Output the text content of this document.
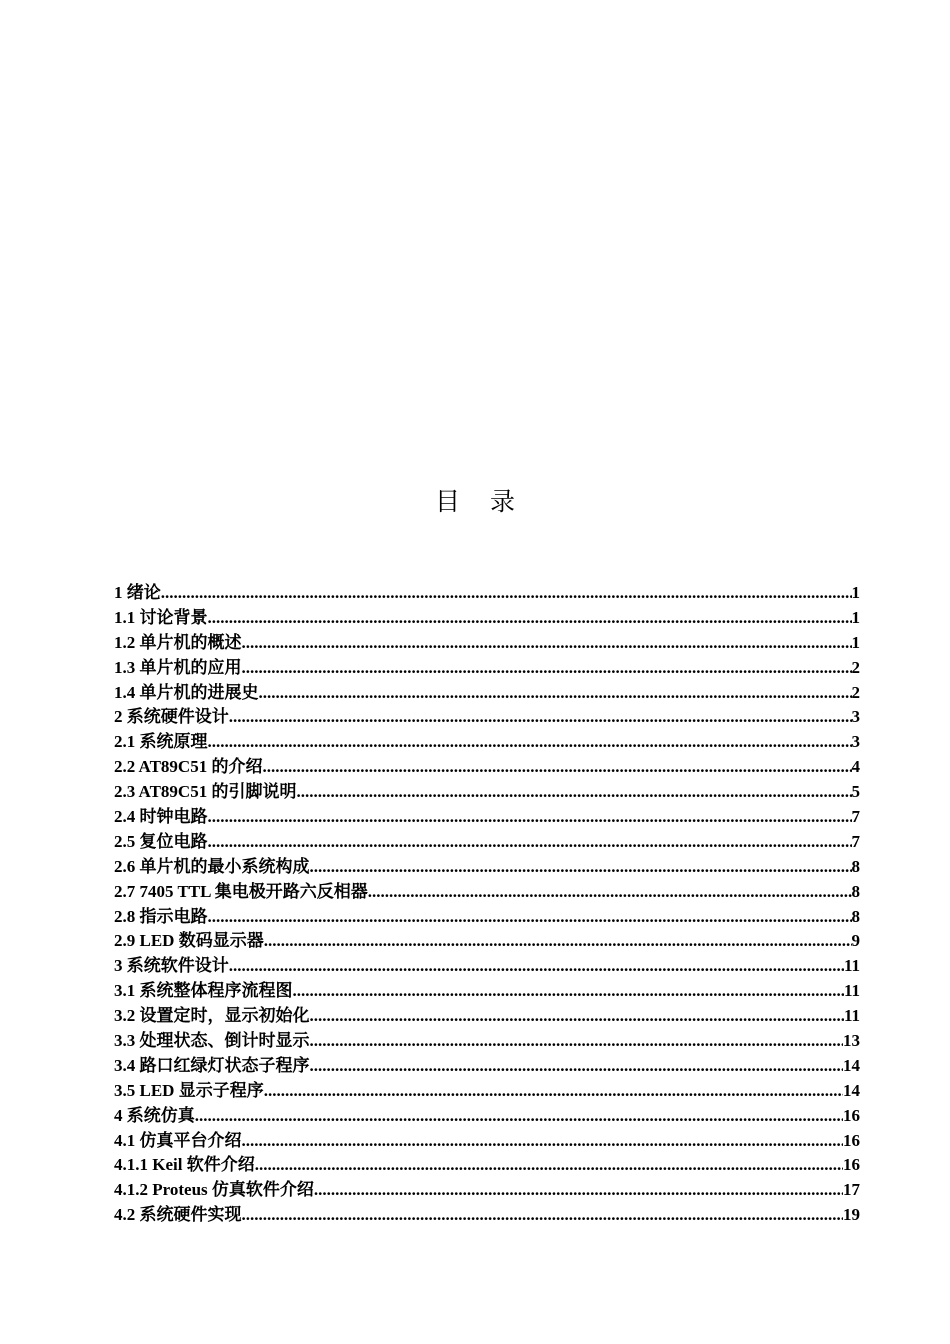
目录
1 绪论 .....	1
1.1 讨论背景 .....	1
1.2 单片机的概述 .....	1
1.3 单片机的应用 .....	2
1.4 单片机的进展史 .....	2
2 系统硬件设计 .....	3
2.1 系统原理 .....	3
2.2 AT89C51 的介绍 .....	4
2.3 AT89C51 的引脚说明 .....	5
2.4 时钟电路 .....	7
2.5 复位电路 .....	7
2.6 单片机的最小系统构成 .....	8
2.7 7405 TTL 集电极开路六反相器 .....	8
2.8 指示电路 .....	8
2.9 LED 数码显示器 .....	9
3 系统软件设计 .....	11
3.1 系统整体程序流程图 .....	11
3.2 设置定时，显示初始化 .....	11
3.3 处理状态、倒计时显示 .....	13
3.4 路口红绿灯状态子程序 .....	14
3.5 LED 显示子程序 .....	14
4 系统仿真 .....	16
4.1 仿真平台介绍 .....	16
4.1.1 Keil 软件介绍 .....	16
4.1.2 Proteus 仿真软件介绍 .....	17
4.2 系统硬件实现 .....	19
